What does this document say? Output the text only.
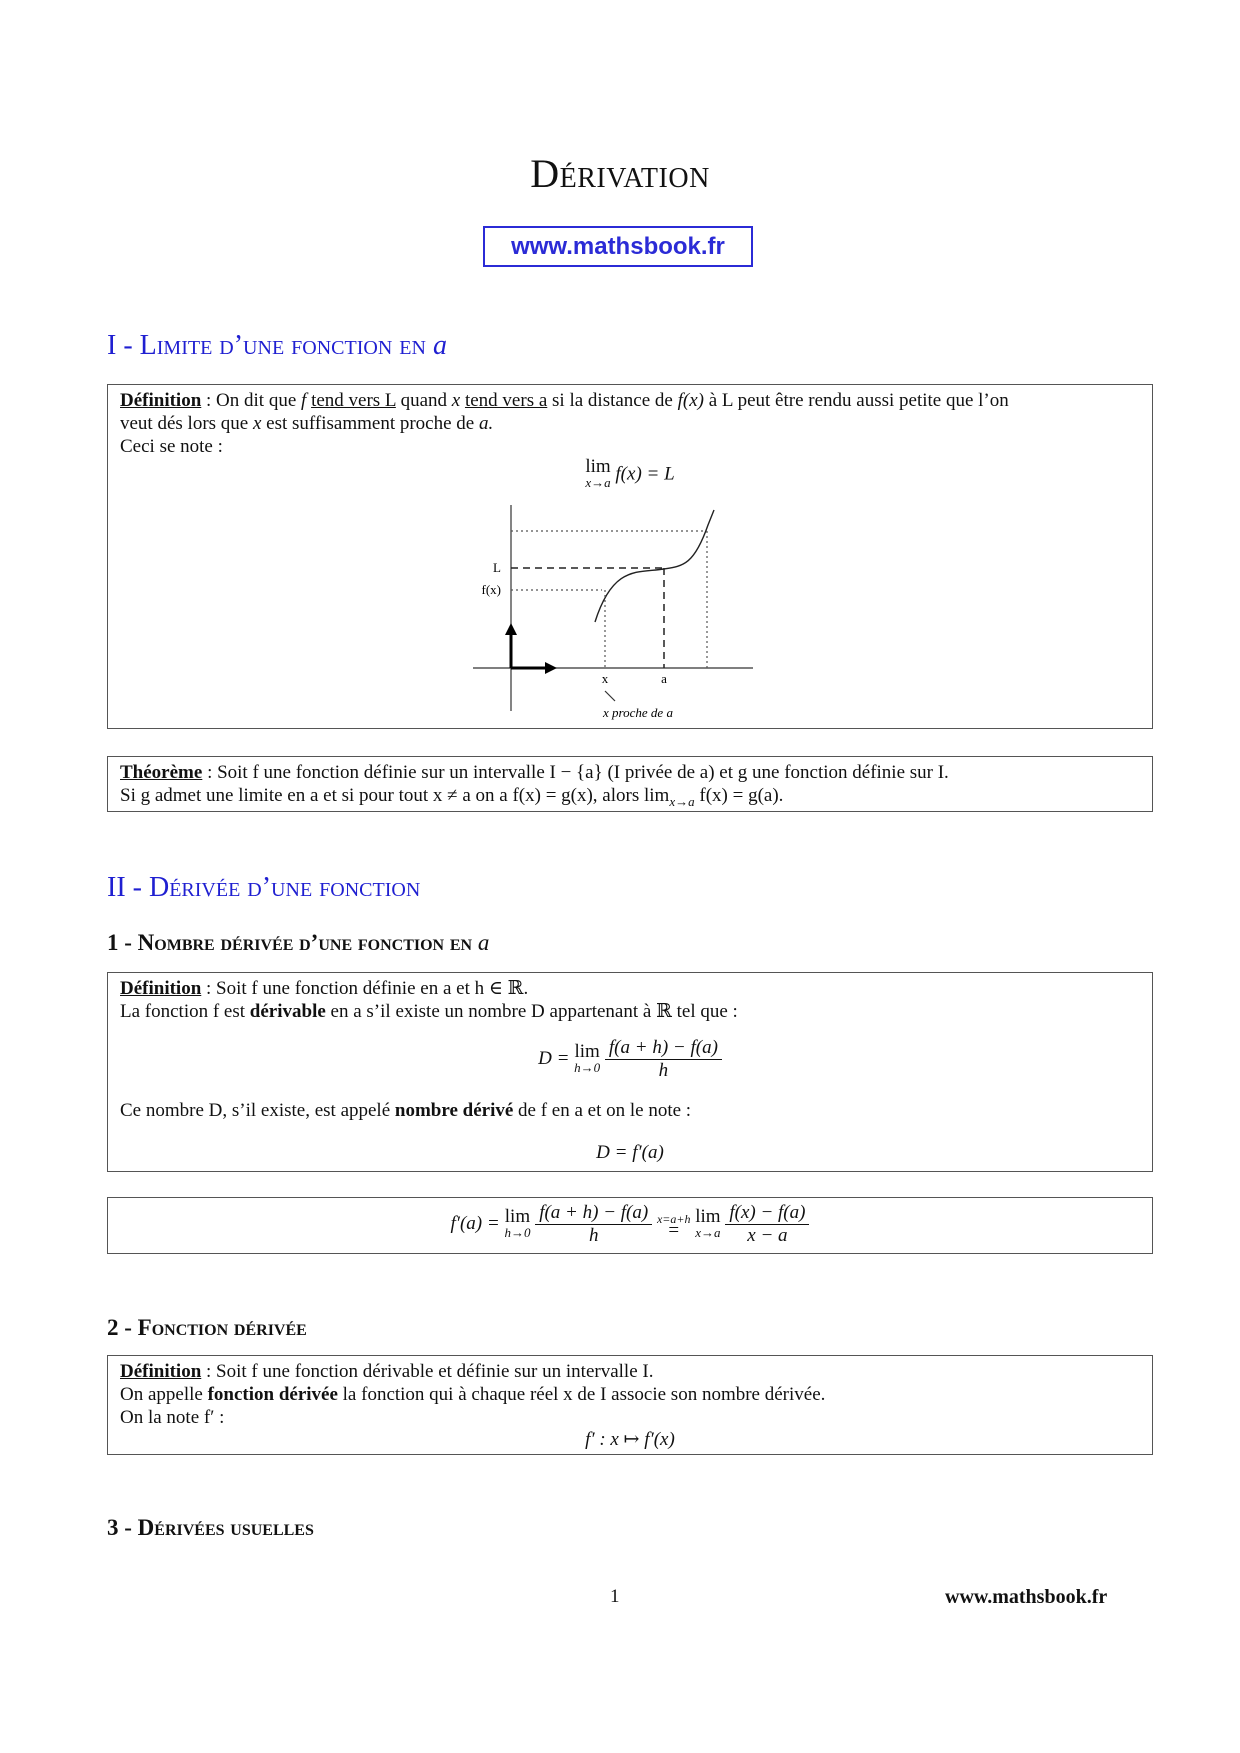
Dérivation
www.mathsbook.fr
I - Limite d’une fonction en a
Définition : On dit que f tend vers L quand x tend vers a si la distance de f(x) à L peut être rendu aussi petite que l’on
veut dés lors que x est suffisamment proche de a.
Ceci se note :
lim
x→a f(x) = L
L
f(x)
x	a
x proche de a
Théorème : Soit f une fonction définie sur un intervalle I − {a} (I privée de a) et g une fonction définie sur I.
Si g admet une limite en a et si pour tout x ≠ a on a f(x) = g(x), alors $\lim_{x\to a} f(x) = g(a)$.
II - Dérivée d’une fonction
1 - Nombre dérivée d’une fonction en a
Définition : Soit f une fonction définie en a et h ∈ ℝ.
La fonction f est dérivable en a s’il existe un nombre D appartenant à ℝ tel que :
D = lim
h→0
$\frac{f(a + h) - f(a)}{h}$
Ce nombre D, s’il existe, est appelé nombre dérivé de f en a et on le note :
D = f′(a)
f′(a) = lim
h→0
$\frac{f(a + h) - f(a)}{h}$
x=a+h
= lim
x→a
$\frac{f(x) - f(a)}{x - a}$
2 - Fonction dérivée
Définition : Soit f une fonction dérivable et définie sur un intervalle I.
On appelle fonction dérivée la fonction qui à chaque réel x de I associe son nombre dérivée.
On la note f′ :
f′ : x ↦ f′(x)
3 - Dérivées usuelles
1	www.mathsbook.fr
